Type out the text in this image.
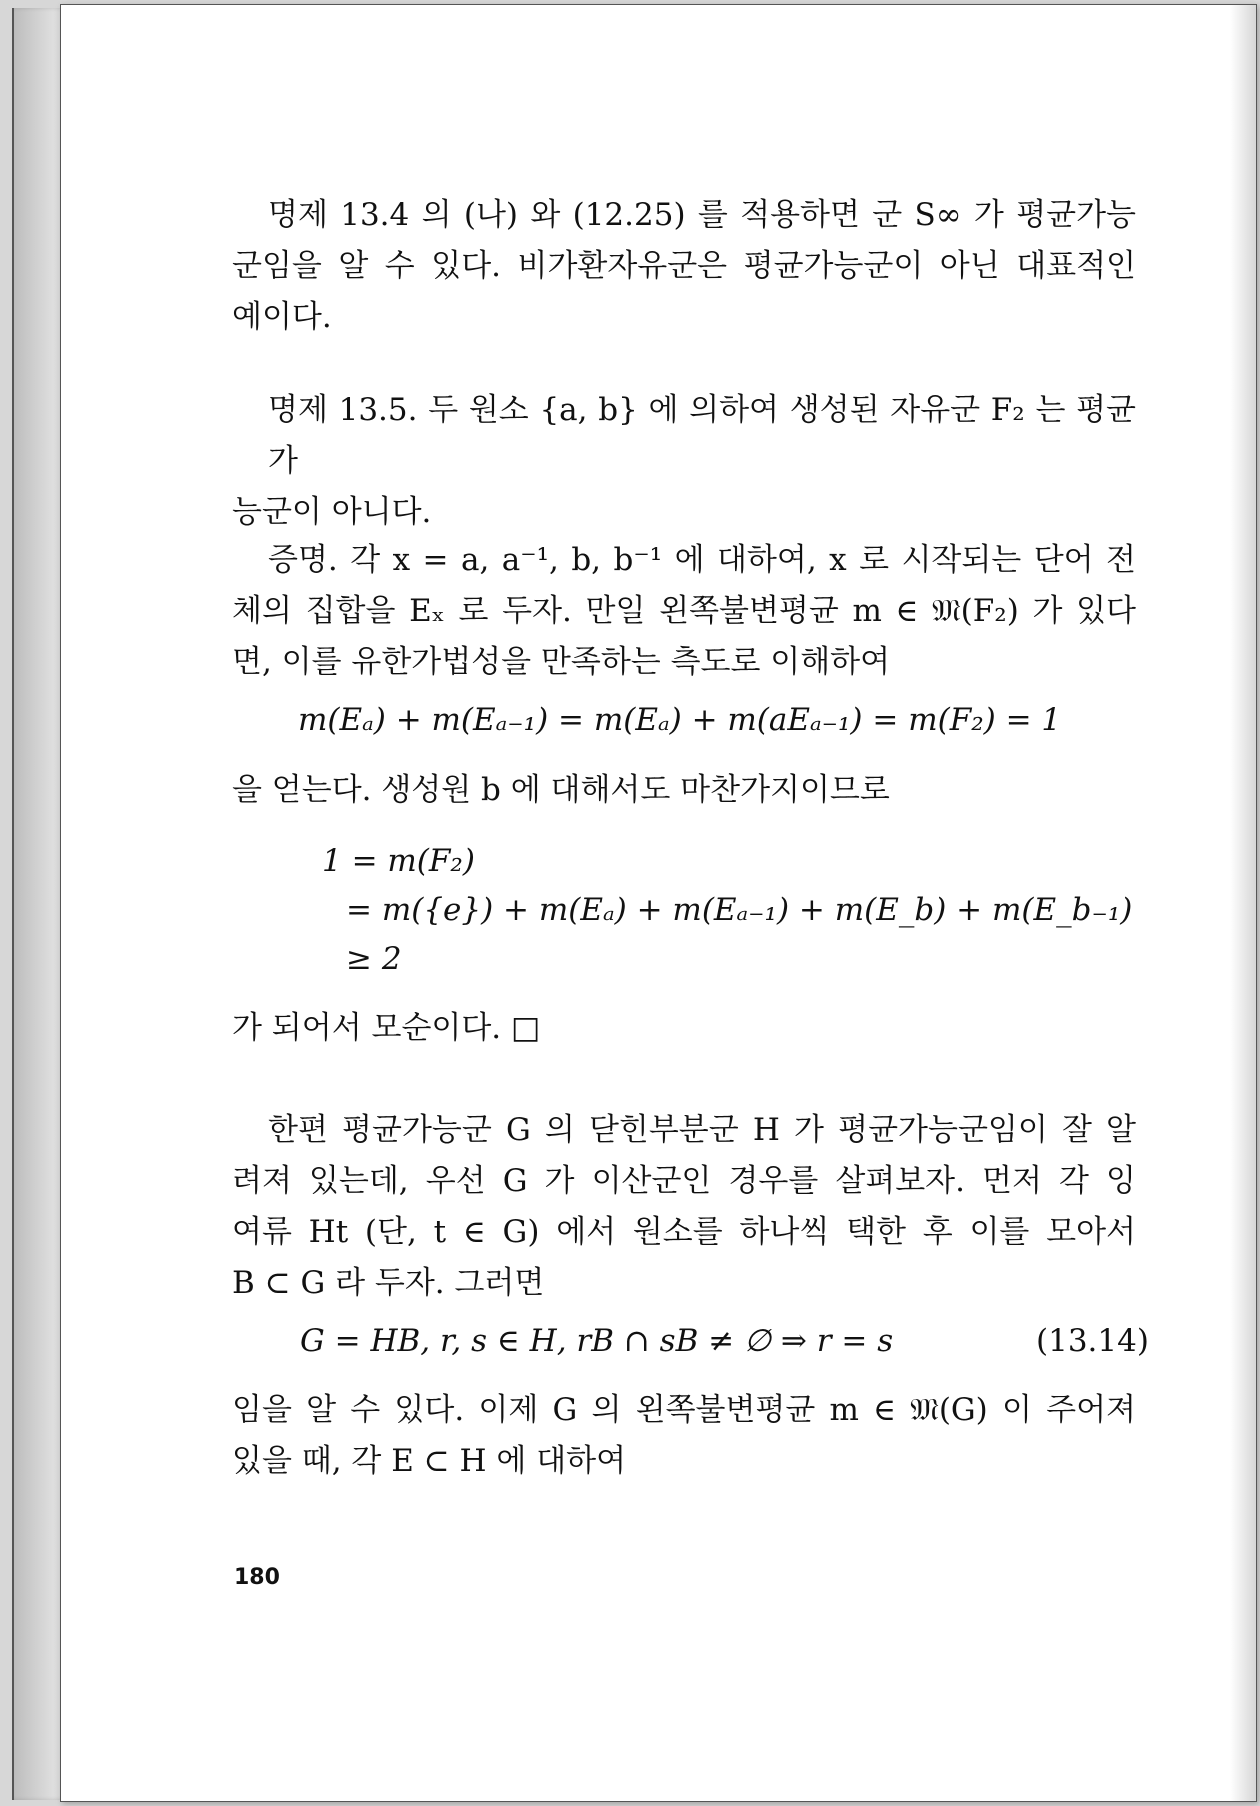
명제 13.4 의 (나) 와 (12.25) 를 적용하면 군 S∞ 가 평균가능
군임을 알 수 있다. 비가환자유군은 평균가능군이 아닌 대표적인
예이다.
명제 13.5. 두 원소 {a, b} 에 의하여 생성된 자유군 F₂ 는 평균가
능군이 아니다.
증명. 각 x = a, a⁻¹, b, b⁻¹ 에 대하여, x 로 시작되는 단어 전
체의 집합을 Eₓ 로 두자. 만일 왼쪽불변평균 m ∈ 𝔐(F₂) 가 있다
면, 이를 유한가법성을 만족하는 측도로 이해하여
m(Eₐ) + m(Eₐ₋₁) = m(Eₐ) + m(aEₐ₋₁) = m(F₂) = 1
을 얻는다. 생성원 b 에 대해서도 마찬가지이므로
1 = m(F₂)
= m({e}) + m(Eₐ) + m(Eₐ₋₁) + m(E_b) + m(E_b₋₁)
≥ 2
가 되어서 모순이다. □
한편 평균가능군 G 의 닫힌부분군 H 가 평균가능군임이 잘 알
려져 있는데, 우선 G 가 이산군인 경우를 살펴보자. 먼저 각 잉
여류 Ht (단, t ∈ G) 에서 원소를 하나씩 택한 후 이를 모아서
B ⊂ G 라 두자. 그러면
G = HB, r, s ∈ H, rB ∩ sB ≠ ∅ ⇒ r = s	(13.14)
임을 알 수 있다. 이제 G 의 왼쪽불변평균 m ∈ 𝔐(G) 이 주어져
있을 때, 각 E ⊂ H 에 대하여
180
